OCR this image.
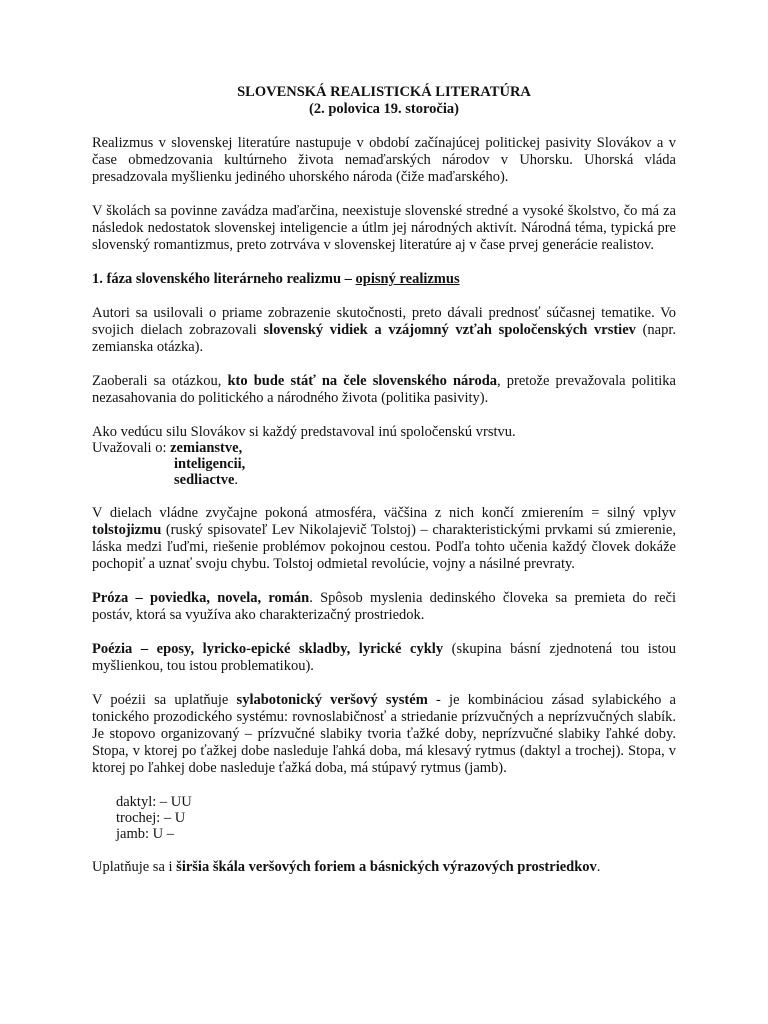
SLOVENSKÁ REALISTICKÁ LITERATÚRA
(2. polovica 19. storočia)

Realizmus v slovenskej literatúre nastupuje v období začínajúcej politickej pasivity Slovákov a v čase obmedzovania kultúrneho života nemaďarských národov v Uhorsku. Uhorská vláda presadzovala myšlienku jediného uhorského národa (čiže maďarského).

V školách sa povinne zavádza maďarčina, neexistuje slovenské stredné a vysoké školstvo, čo má za následok nedostatok slovenskej inteligencie a útlm jej národných aktivít. Národná téma, typická pre slovenský romantizmus, preto zotrváva v slovenskej literatúre aj v čase prvej generácie realistov.

1. fáza slovenského literárneho realizmu – opisný realizmus

Autori sa usilovali o priame zobrazenie skutočnosti, preto dávali prednosť súčasnej tematike. Vo svojich dielach zobrazovali slovenský vidiek a vzájomný vzťah spoločenských vrstiev (napr. zemianska otázka).

Zaoberali sa otázkou, kto bude stáť na čele slovenského národa, pretože prevažovala politika nezasahovania do politického a národného života (politika pasivity).

Ako vedúcu silu Slovákov si každý predstavoval inú spoločenskú vrstvu.
Uvažovali o: zemianstve,
inteligencii,
sedliactve.

V dielach vládne zvyčajne pokoná atmosféra, väčšina z nich končí zmierením = silný vplyv tolstojizmu (ruský spisovateľ Lev Nikolajevič Tolstoj) – charakteristickými prvkami sú zmierenie, láska medzi ľuďmi, riešenie problémov pokojnou cestou. Podľa tohto učenia každý človek dokáže pochopiť a uznať svoju chybu. Tolstoj odmietal revolúcie, vojny a násilné prevraty.

Próza – poviedka, novela, román. Spôsob myslenia dedinského človeka sa premieta do reči postáv, ktorá sa využíva ako charakterizačný prostriedok.

Poézia – eposy, lyricko-epické skladby, lyrické cykly (skupina básní zjednotená tou istou myšlienkou, tou istou problematikou).

V poézii sa uplatňuje sylabotonický veršový systém - je kombináciou zásad sylabického a tonického prozodického systému: rovnoslabičnosť a striedanie prízvučných a neprízvučných slabík. Je stopovo organizovaný – prízvučné slabiky tvoria ťažké doby, neprízvučné slabiky ľahké doby. Stopa, v ktorej po ťažkej dobe nasleduje ľahká doba, má klesavý rytmus (daktyl a trochej). Stopa, v ktorej po ľahkej dobe nasleduje ťažká doba, má stúpavý rytmus (jamb).

daktyl: – UU
trochej: – U
jamb: U –

Uplatňuje sa i širšia škála veršových foriem a básnických výrazových prostriedkov.
